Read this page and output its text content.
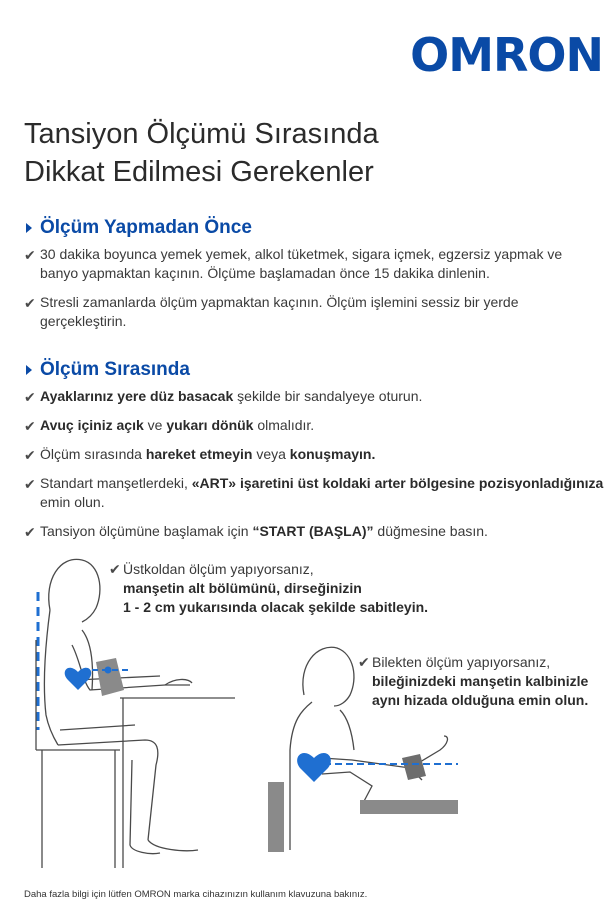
OMRON
Tansiyon Ölçümü Sırasında
Dikkat Edilmesi Gerekenler
Ölçüm Yapmadan Önce
✔ 30 dakika boyunca yemek yemek, alkol tüketmek, sigara içmek, egzersiz yapmak ve banyo yapmaktan kaçının. Ölçüme başlamadan önce 15 dakika dinlenin.
✔ Stresli zamanlarda ölçüm yapmaktan kaçının. Ölçüm işlemini sessiz bir yerde gerçekleştirin.
Ölçüm Sırasında
✔ Ayaklarınız yere düz basacak şekilde bir sandalyeye oturun.
✔ Avuç içiniz açık ve yukarı dönük olmalıdır.
✔ Ölçüm sırasında hareket etmeyin veya konuşmayın.
✔ Standart manşetlerdeki, «ART» işaretini üst koldaki arter bölgesine pozisyonladığınıza emin olun.
✔ Tansiyon ölçümüne başlamak için “START (BAŞLA)” düğmesine basın.
✔ Üstkoldan ölçüm yapıyorsanız,
manşetin alt bölümünü, dirseğinizin
1 - 2 cm yukarısında olacak şekilde sabitleyin.
✔ Bilekten ölçüm yapıyorsanız,
bileğinizdeki manşetin kalbinizle
aynı hizada olduğuna emin olun.
Daha fazla bilgi için lütfen OMRON marka cihazınızın kullanım klavuzuna bakınız.
